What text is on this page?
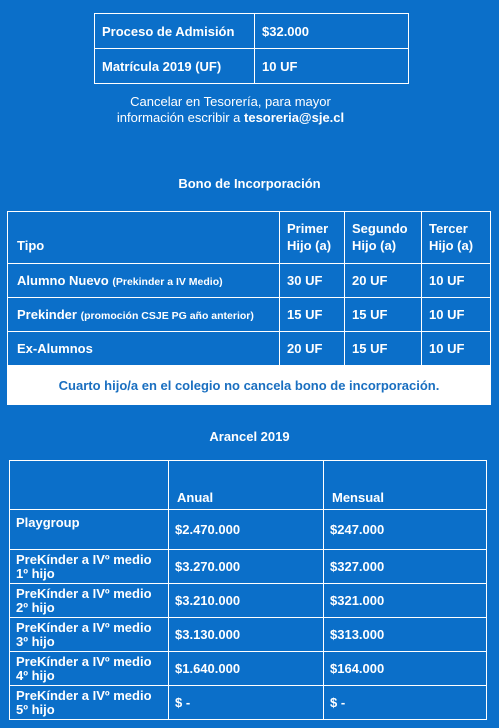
Proceso de Admisión	$32.000
Matrícula 2019 (UF)	10 UF
Cancelar en Tesorería, para mayor
información escribir a tesoreria@sje.cl
Bono de Incorporación
Tipo	Primer Hijo (a)	Segundo Hijo (a)	Tercer Hijo (a)
Alumno Nuevo (Prekinder a IV Medio)	30 UF	20 UF	10 UF
Prekinder (promoción CSJE PG año anterior)	15 UF	15 UF	10 UF
Ex-Alumnos	20 UF	15 UF	10 UF
Cuarto hijo/a en el colegio no cancela bono de incorporación.			
Arancel 2019
	Anual	Mensual
Playgroup	$2.470.000	$247.000
PreKínder a IVº medio 1º hijo	$3.270.000	$327.000
PreKínder a IVº medio 2º hijo	$3.210.000	$321.000
PreKínder a IVº medio 3º hijo	$3.130.000	$313.000
PreKínder a IVº medio 4º hijo	$1.640.000	$164.000
PreKínder a IVº medio 5º hijo	$ -	$ -
